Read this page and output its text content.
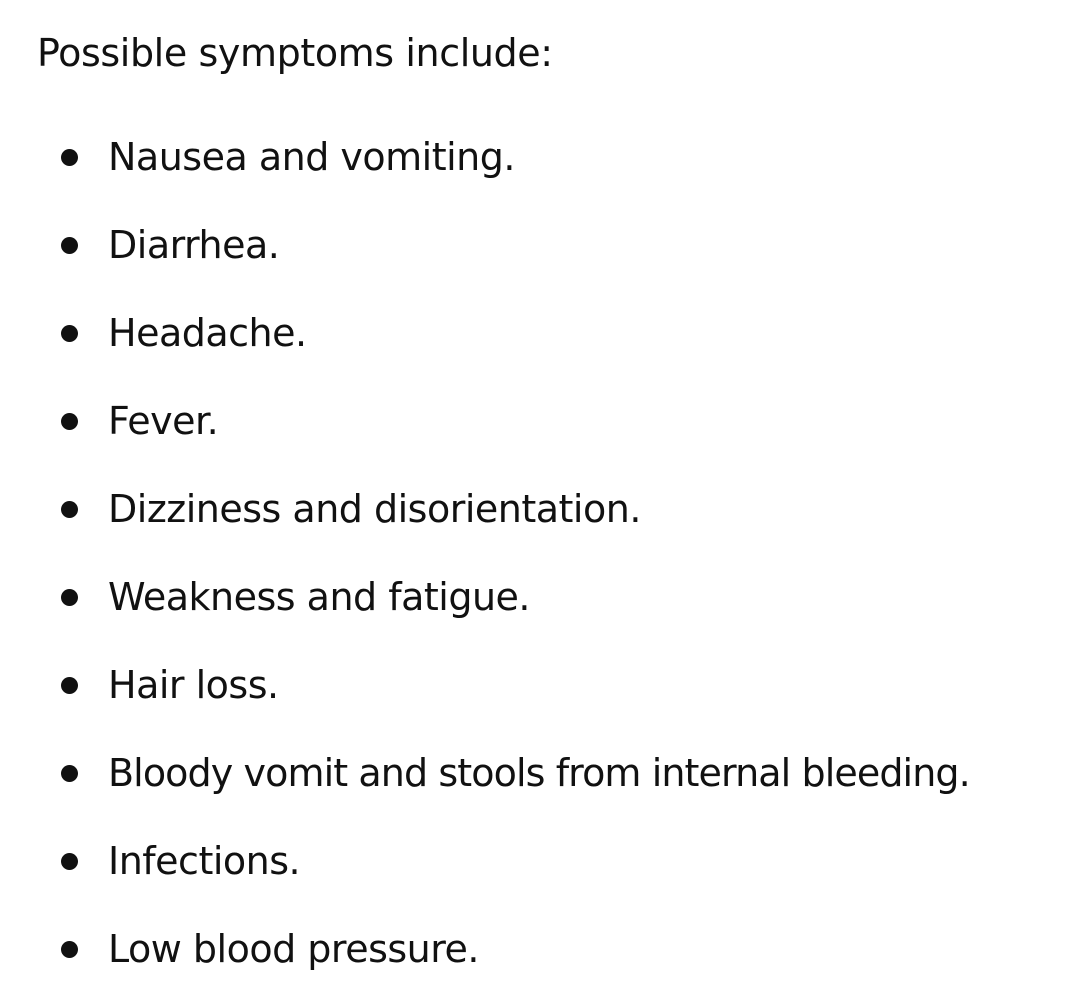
Possible symptoms include:

Nausea and vomiting.
Diarrhea.
Headache.
Fever.
Dizziness and disorientation.
Weakness and fatigue.
Hair loss.
Bloody vomit and stools from internal bleeding.
Infections.
Low blood pressure.
